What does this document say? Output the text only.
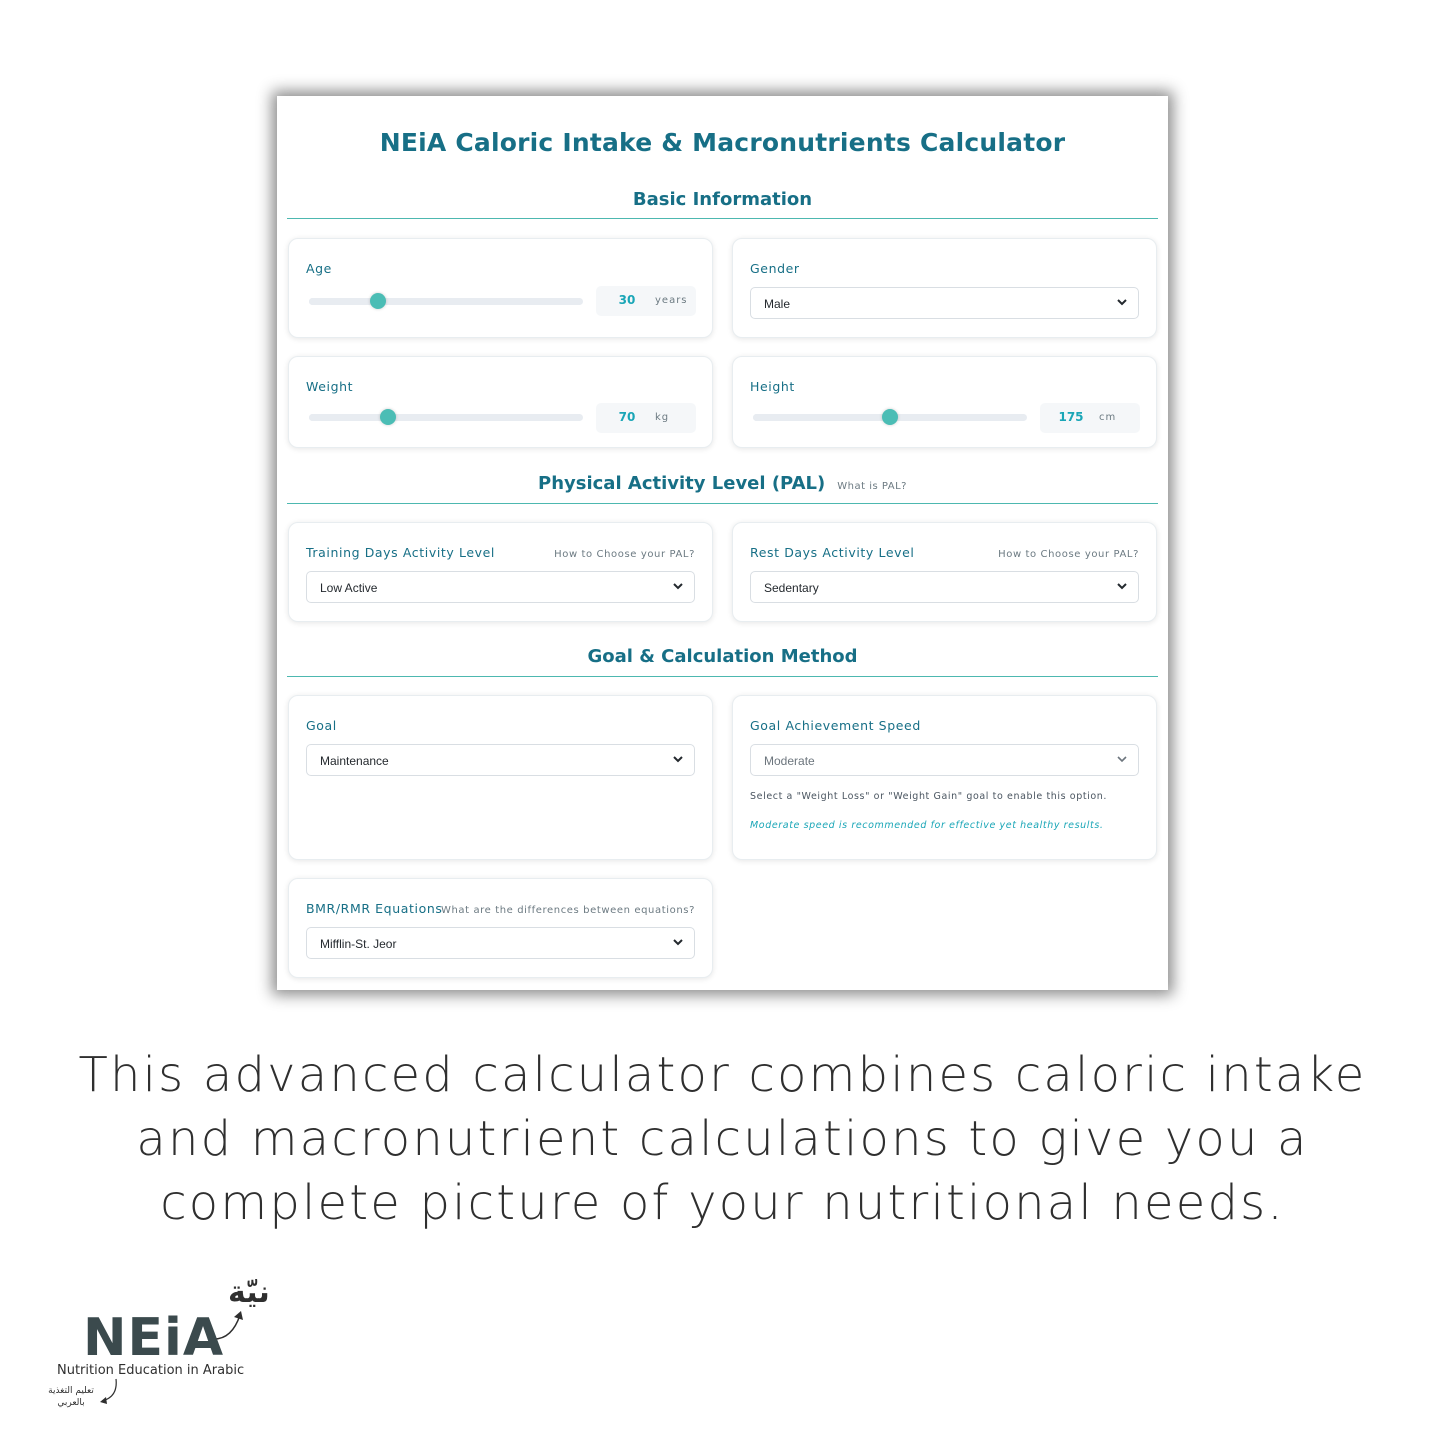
NEiA Caloric Intake & Macronutrients Calculator
Basic Information
Age
30	years
Gender
Male
Weight
70	kg
Height
175 cm
Physical Activity Level (PAL) What is PAL?
Training Days Activity Level	How to Choose your PAL?
Low Active
Rest Days Activity Level	How to Choose your PAL?
Sedentary
Goal & Calculation Method
Goal
Maintenance
Goal Achievement Speed
Moderate
Select a "Weight Loss" or "Weight Gain" goal to enable this option.
Moderate speed is recommended for effective yet healthy results.
BMR/RMR Equations
What are the differences between equations?
Mifflin-St. Jeor
This advanced calculator combines caloric intake and macronutrient calculations to give you a complete picture of your nutritional needs.
نيّة
NEiA
Nutrition Education in Arabic
تعليم التغذية بالعربي
